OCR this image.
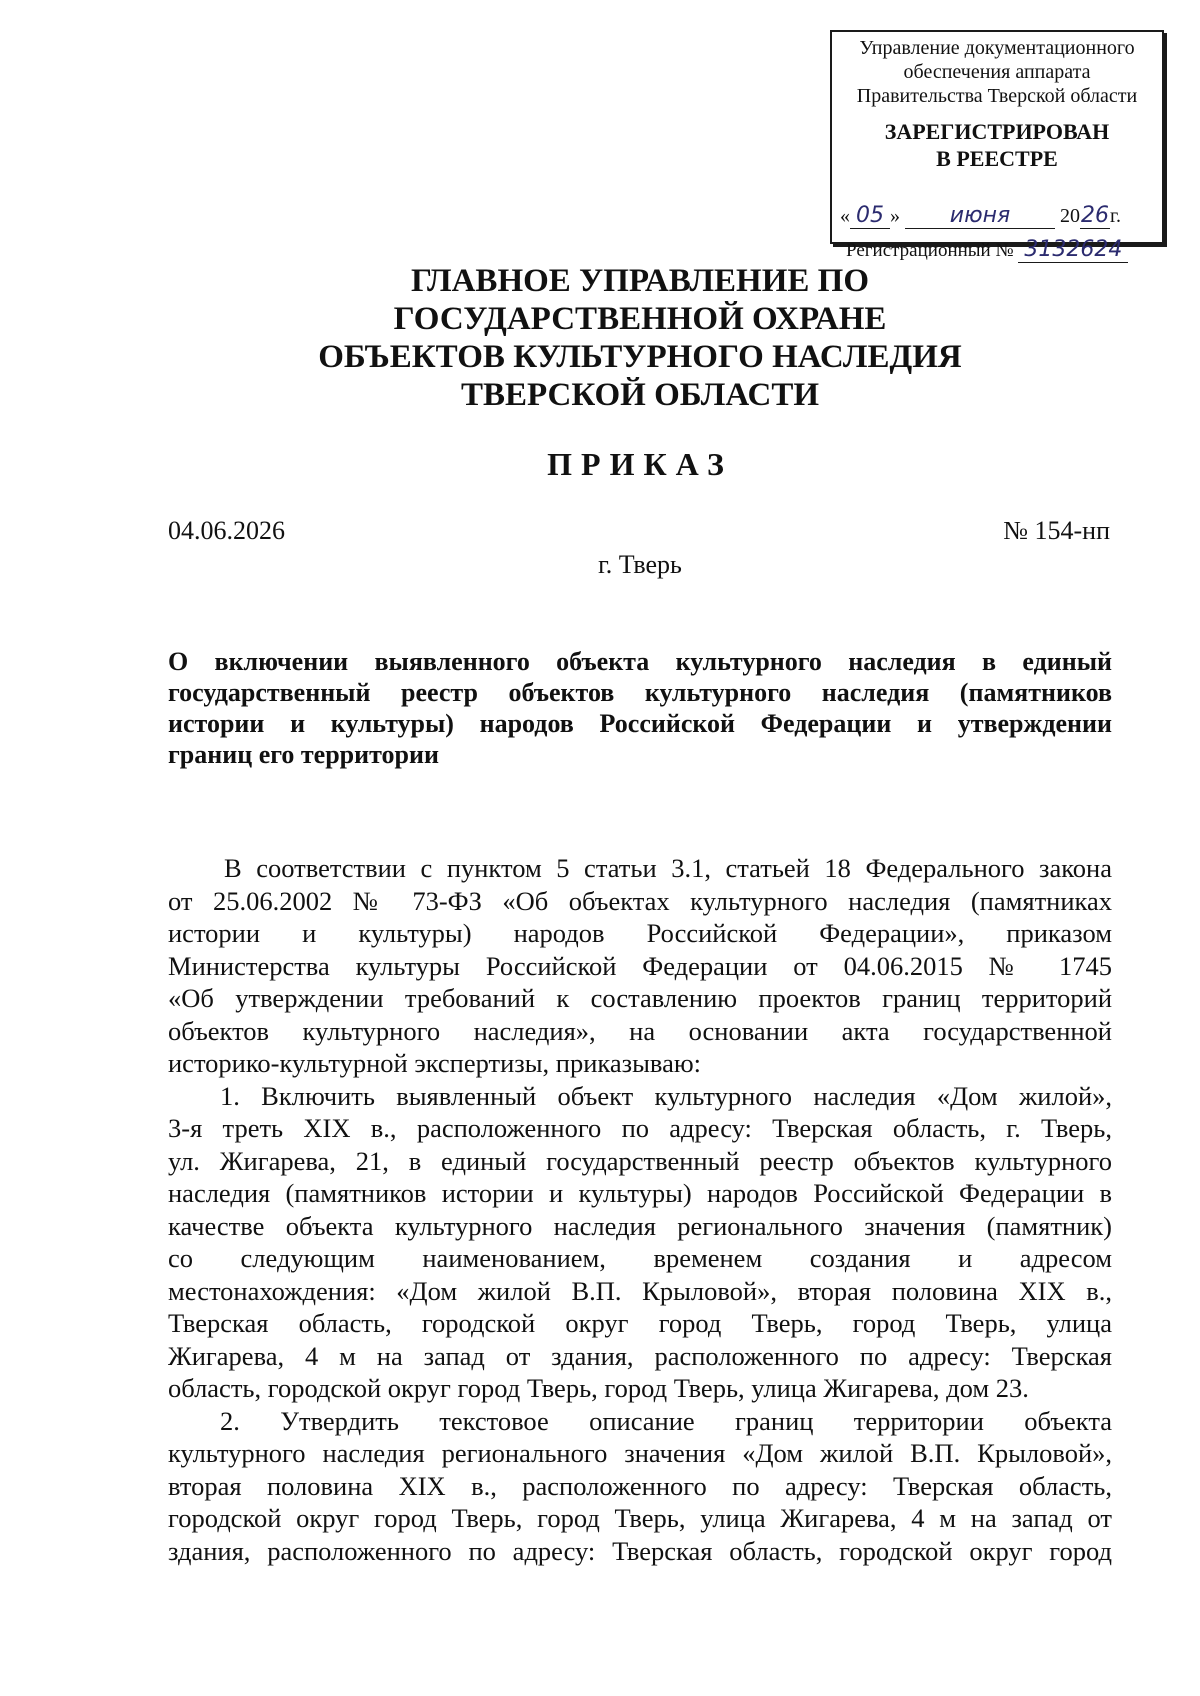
Управление документационного
обеспечения аппарата
Правительства Тверской области
ЗАРЕГИСТРИРОВАН
В РЕЕСТРЕ
« 05 » июня 2026г.
Регистрационный № 3132624
ГЛАВНОЕ УПРАВЛЕНИЕ ПО
ГОСУДАРСТВЕННОЙ ОХРАНЕ
ОБЪЕКТОВ КУЛЬТУРНОГО НАСЛЕДИЯ
ТВЕРСКОЙ ОБЛАСТИ
ПРИКАЗ
04.06.2026	№ 154-нп
г. Тверь
О включении выявленного объекта культурного наследия в единый
государственный реестр объектов культурного наследия (памятников
истории и культуры) народов Российской Федерации и утверждении
границ его территории
В соответствии с пунктом 5 статьи 3.1, статьей 18 Федерального закона
от 25.06.2002 № 73-ФЗ «Об объектах культурного наследия (памятниках
истории и культуры) народов Российской Федерации», приказом
Министерства культуры Российской Федерации от 04.06.2015 № 1745
«Об утверждении требований к составлению проектов границ территорий
объектов культурного наследия», на основании акта государственной
историко-культурной экспертизы, приказываю:
1. Включить выявленный объект культурного наследия «Дом жилой»,
3-я треть XIX в., расположенного по адресу: Тверская область, г. Тверь,
ул. Жигарева, 21, в единый государственный реестр объектов культурного
наследия (памятников истории и культуры) народов Российской Федерации в
качестве объекта культурного наследия регионального значения (памятник)
со следующим наименованием, временем создания и адресом
местонахождения: «Дом жилой В.П. Крыловой», вторая половина XIX в.,
Тверская область, городской округ город Тверь, город Тверь, улица
Жигарева, 4 м на запад от здания, расположенного по адресу: Тверская
область, городской округ город Тверь, город Тверь, улица Жигарева, дом 23.
2. Утвердить текстовое описание границ территории объекта
культурного наследия регионального значения «Дом жилой В.П. Крыловой»,
вторая половина XIX в., расположенного по адресу: Тверская область,
городской округ город Тверь, город Тверь, улица Жигарева, 4 м на запад от
здания, расположенного по адресу: Тверская область, городской округ город
